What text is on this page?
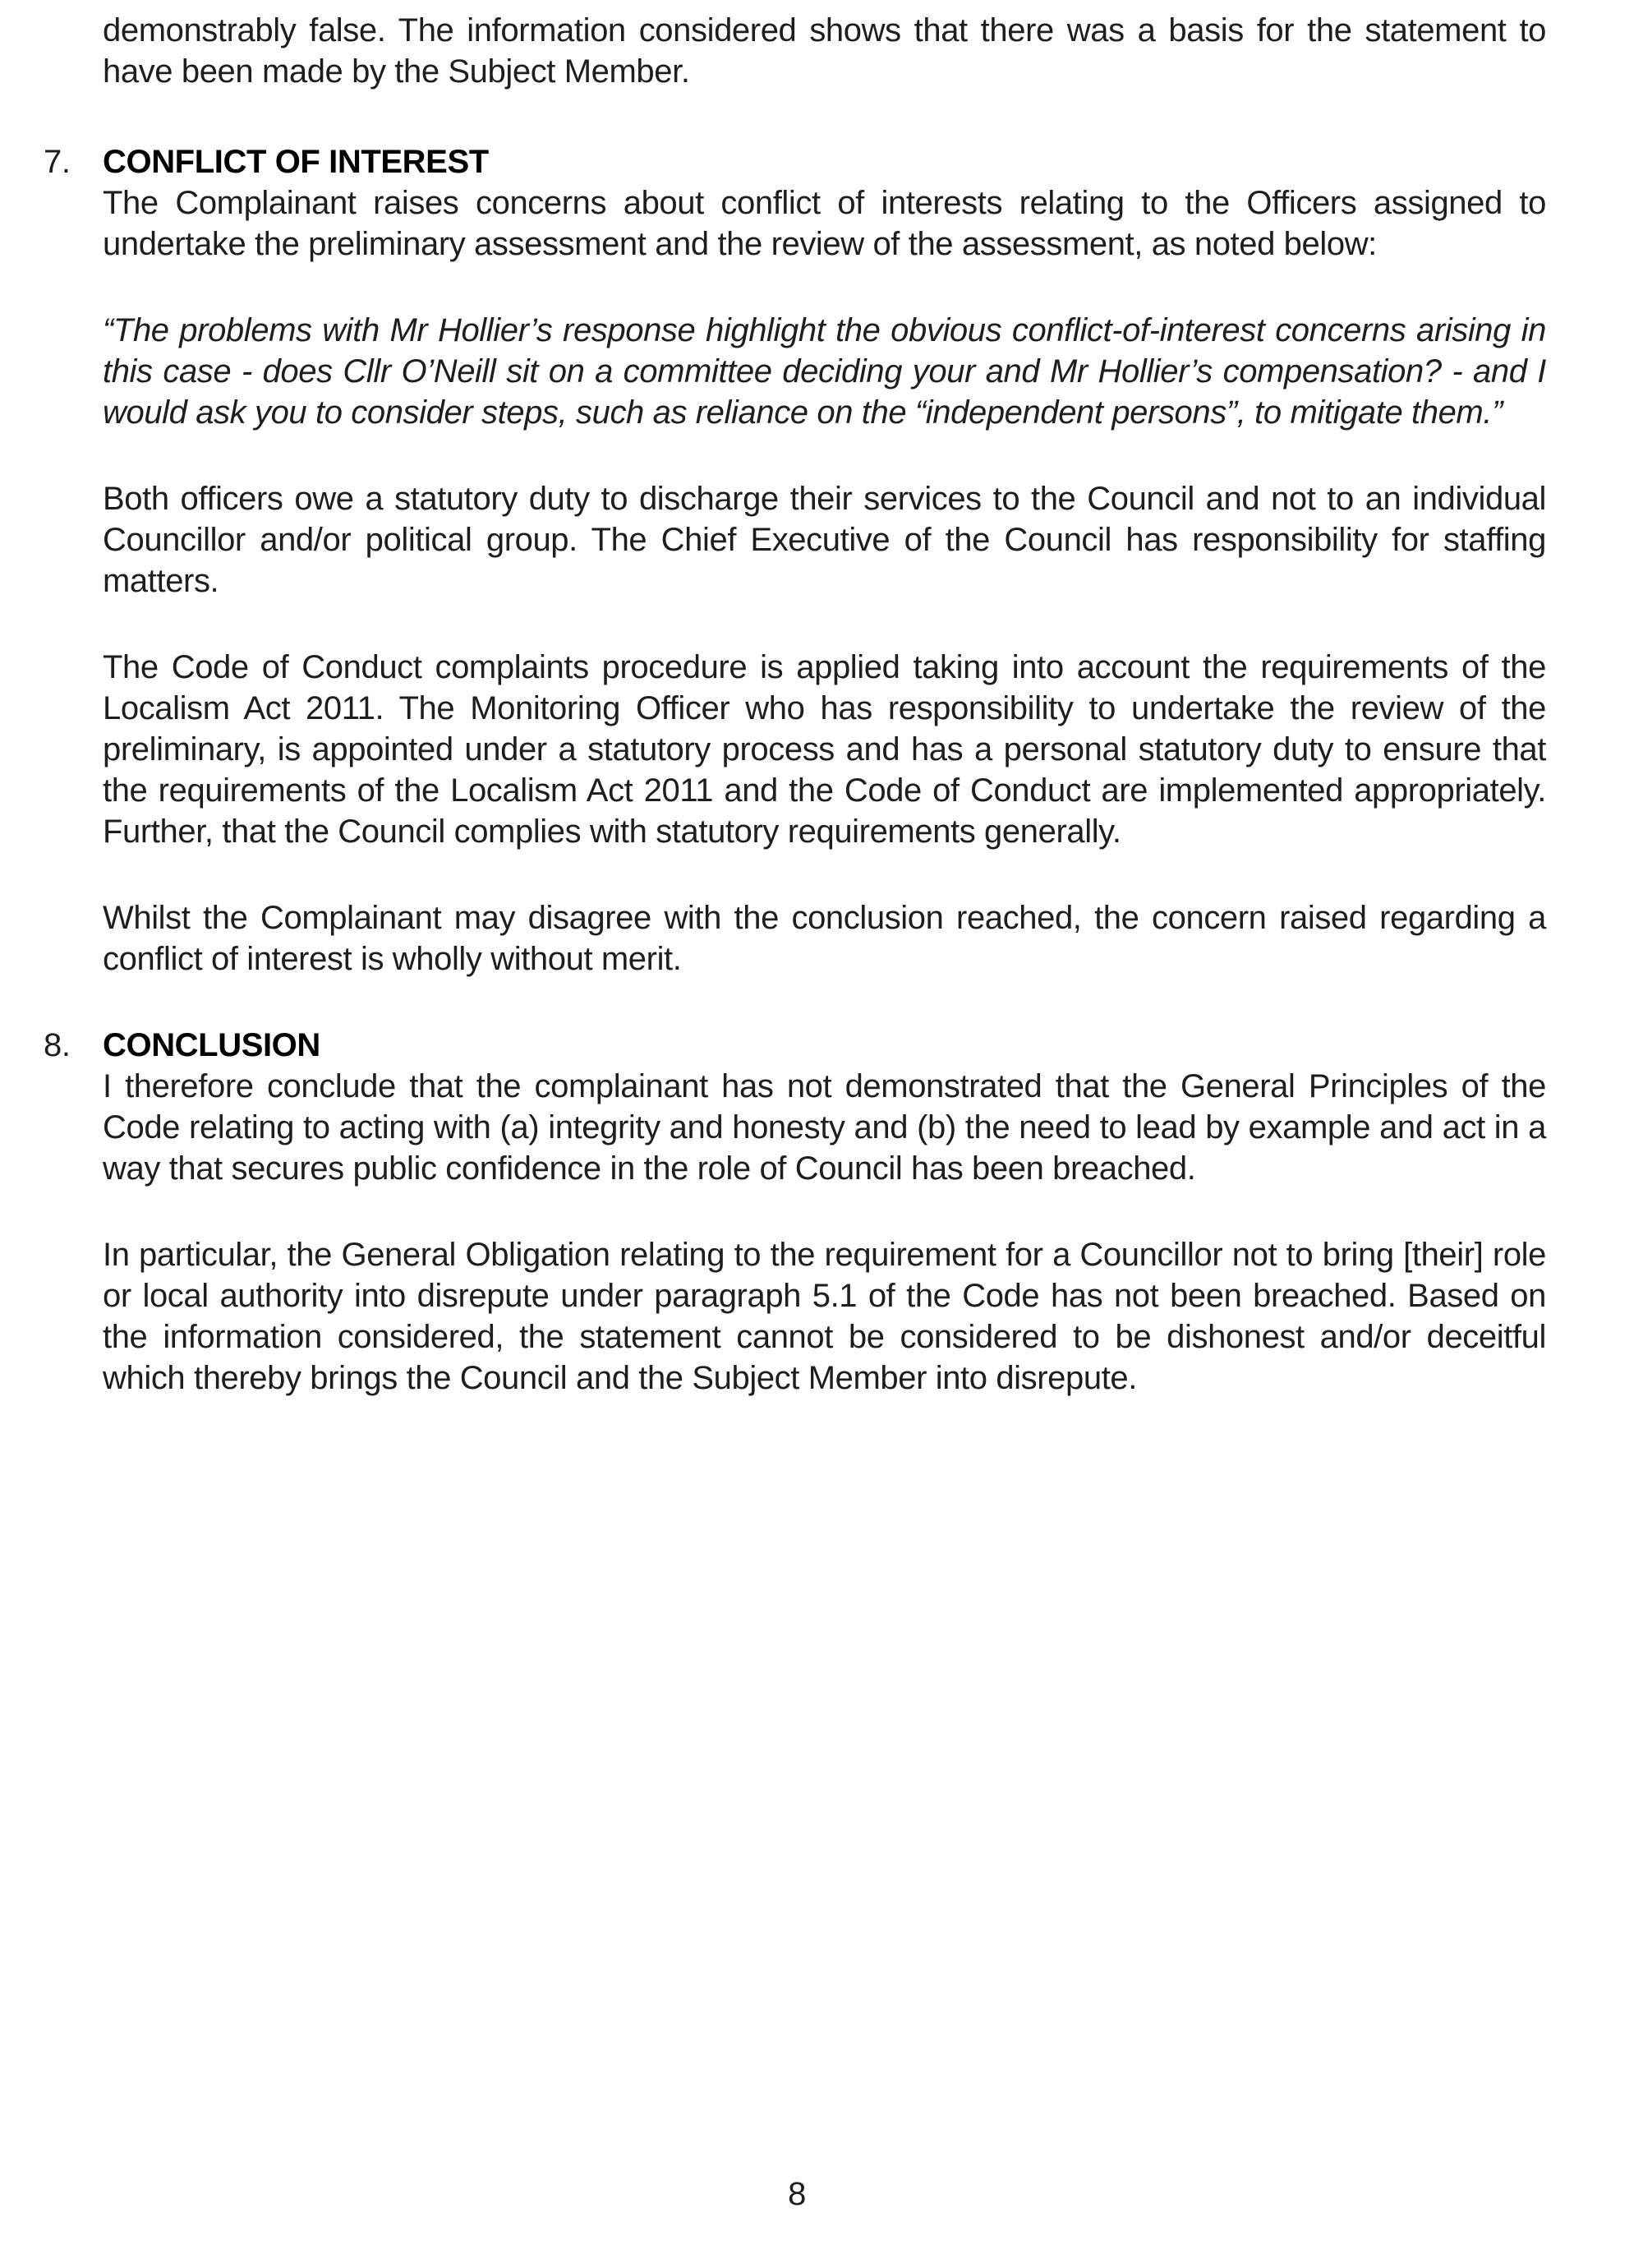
demonstrably false. The information considered shows that there was a basis for the statement to have been made by the Subject Member.

7. CONFLICT OF INTEREST

The Complainant raises concerns about conflict of interests relating to the Officers assigned to undertake the preliminary assessment and the review of the assessment, as noted below:

“The problems with Mr Hollier’s response highlight the obvious conflict-of-interest concerns arising in this case - does Cllr O’Neill sit on a committee deciding your and Mr Hollier’s compensation? - and I would ask you to consider steps, such as reliance on the “independent persons”, to mitigate them.”

Both officers owe a statutory duty to discharge their services to the Council and not to an individual Councillor and/or political group. The Chief Executive of the Council has responsibility for staffing matters.

The Code of Conduct complaints procedure is applied taking into account the requirements of the Localism Act 2011. The Monitoring Officer who has responsibility to undertake the review of the preliminary, is appointed under a statutory process and has a personal statutory duty to ensure that the requirements of the Localism Act 2011 and the Code of Conduct are implemented appropriately. Further, that the Council complies with statutory requirements generally.

Whilst the Complainant may disagree with the conclusion reached, the concern raised regarding a conflict of interest is wholly without merit.

8. CONCLUSION

I therefore conclude that the complainant has not demonstrated that the General Principles of the Code relating to acting with (a) integrity and honesty and (b) the need to lead by example and act in a way that secures public confidence in the role of Council has been breached.

In particular, the General Obligation relating to the requirement for a Councillor not to bring [their] role or local authority into disrepute under paragraph 5.1 of the Code has not been breached. Based on the information considered, the statement cannot be considered to be dishonest and/or deceitful which thereby brings the Council and the Subject Member into disrepute.

8
